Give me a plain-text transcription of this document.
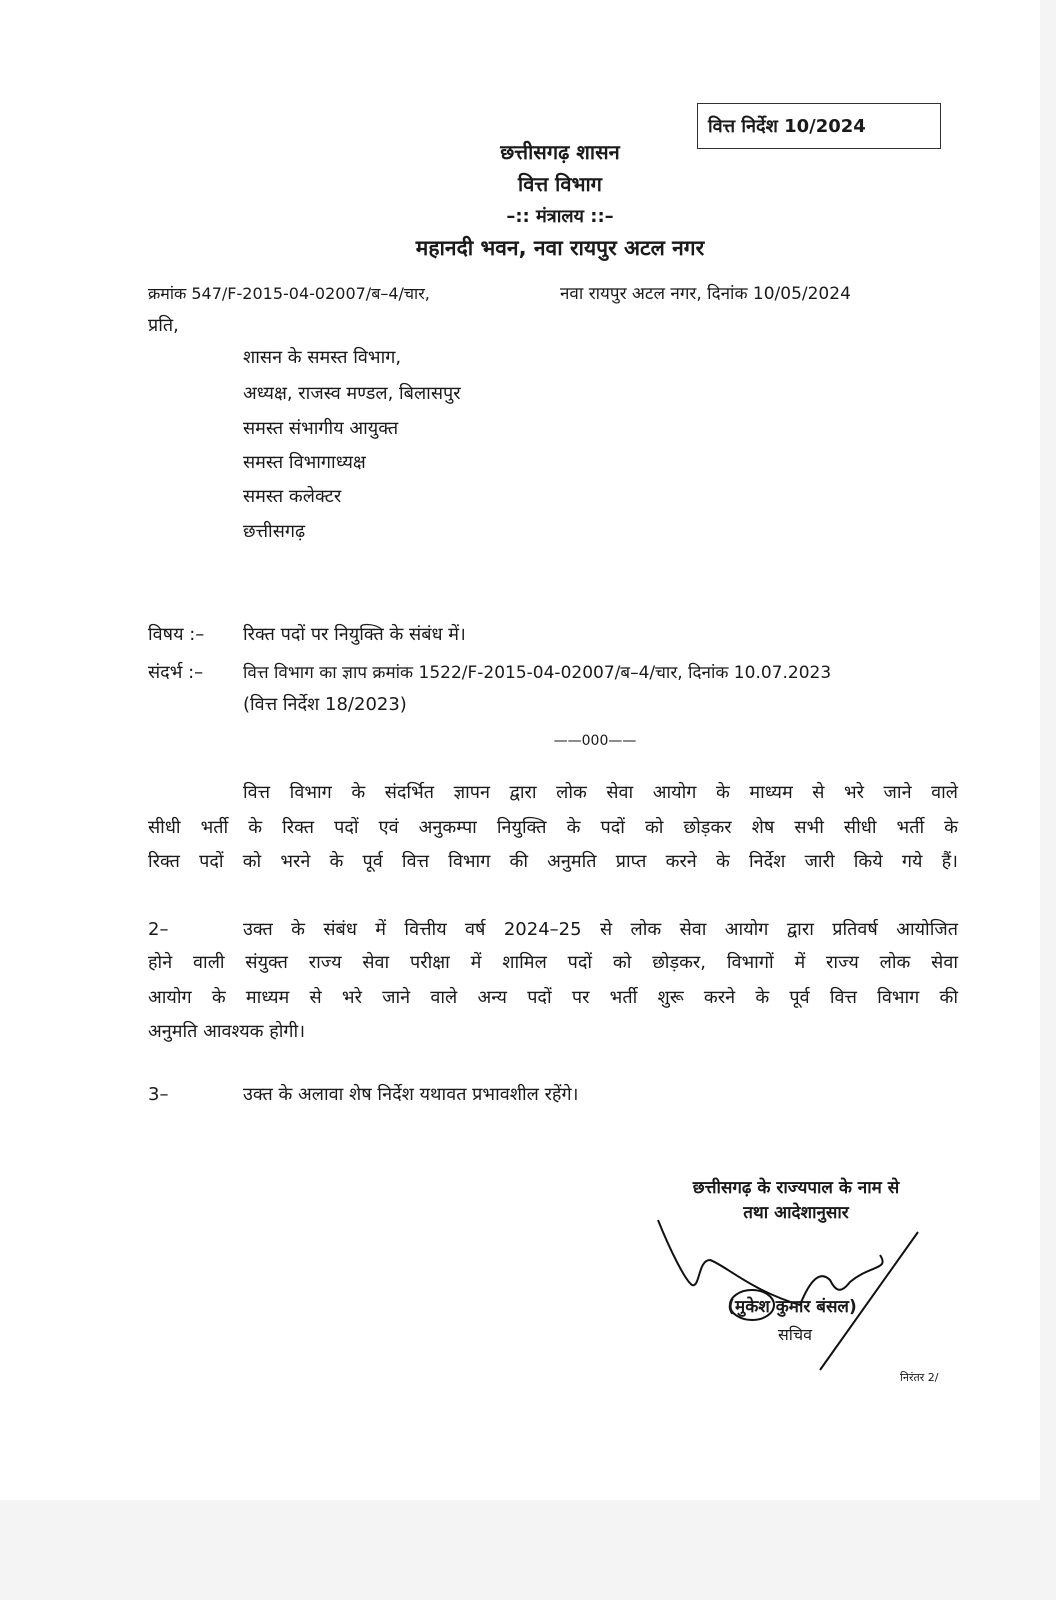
वित्त निर्देश 10/2024
छत्तीसगढ़ शासन
वित्त विभाग
–:: मंत्रालय ::–
महानदी भवन, नवा रायपुर अटल नगर
क्रमांक 547/F-2015-04-02007/ब–4/चार,	नवा रायपुर अटल नगर, दिनांक 10/05/2024
प्रति,
शासन के समस्त विभाग,
अध्यक्ष, राजस्व मण्डल, बिलासपुर
समस्त संभागीय आयुक्त
समस्त विभागाध्यक्ष
समस्त कलेक्टर
छत्तीसगढ़
विषय :– रिक्त पदों पर नियुक्ति के संबंध में।
संदर्भ :– वित्त विभाग का ज्ञाप क्रमांक 1522/F-2015-04-02007/ब–4/चार, दिनांक 10.07.2023
(वित्त निर्देश 18/2023)
——000——
वित्त विभाग के संदर्भित ज्ञापन द्वारा लोक सेवा आयोग के माध्यम से भरे जाने वाले
सीधी भर्ती के रिक्त पदों एवं अनुकम्पा नियुक्ति के पदों को छोड़कर शेष सभी सीधी भर्ती के
रिक्त पदों को भरने के पूर्व वित्त विभाग की अनुमति प्राप्त करने के निर्देश जारी किये गये हैं।
2–	उक्त के संबंध में वित्तीय वर्ष 2024–25 से लोक सेवा आयोग द्वारा प्रतिवर्ष आयोजित
होने वाली संयुक्त राज्य सेवा परीक्षा में शामिल पदों को छोड़कर, विभागों में राज्य लोक सेवा
आयोग के माध्यम से भरे जाने वाले अन्य पदों पर भर्ती शुरू करने के पूर्व वित्त विभाग की
अनुमति आवश्यक होगी।
3–	उक्त के अलावा शेष निर्देश यथावत प्रभावशील रहेंगे।
छत्तीसगढ़ के राज्यपाल के नाम से
तथा आदेशानुसार
(मुकेश कुमार बंसल)
सचिव
निरंतर 2/
